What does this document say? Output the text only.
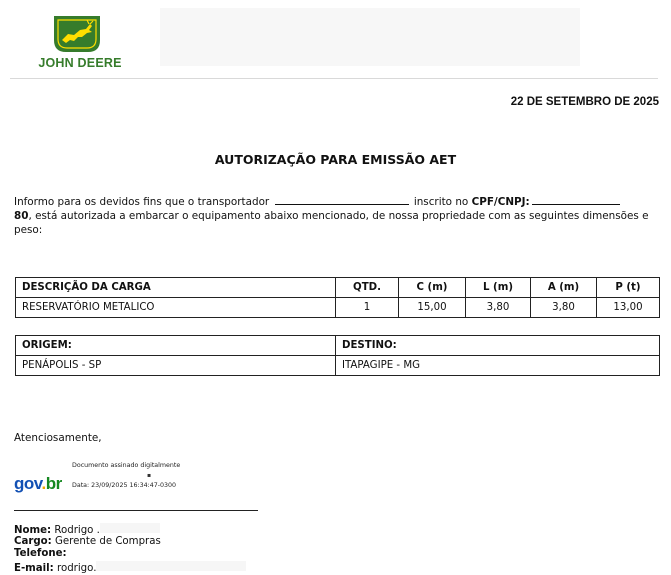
JOHN DEERE
22 DE SETEMBRO DE 2025
AUTORIZAÇÃO PARA EMISSÃO AET
Informo para os devidos fins que o transportador	inscrito no CPF/CNPJ:
80, está autorizada a embarcar o equipamento abaixo mencionado, de nossa propriedade com as seguintes dimensões e peso:
DESCRIÇÃO DA CARGA	QTD.	C (m)	L (m)	A (m)	P (t)
RESERVATÓRIO METALICO	1	15,00	3,80	3,80	13,00
ORIGEM:	DESTINO:
PENÁPOLIS - SP	ITAPAGIPE - MG
Atenciosamente,
gov.br
Documento assinado digitalmente
▪
Data: 23/09/2025 16:34:47-0300
Nome: Rodrigo .
Cargo: Gerente de Compras
Telefone:
E-mail: rodrigo.
